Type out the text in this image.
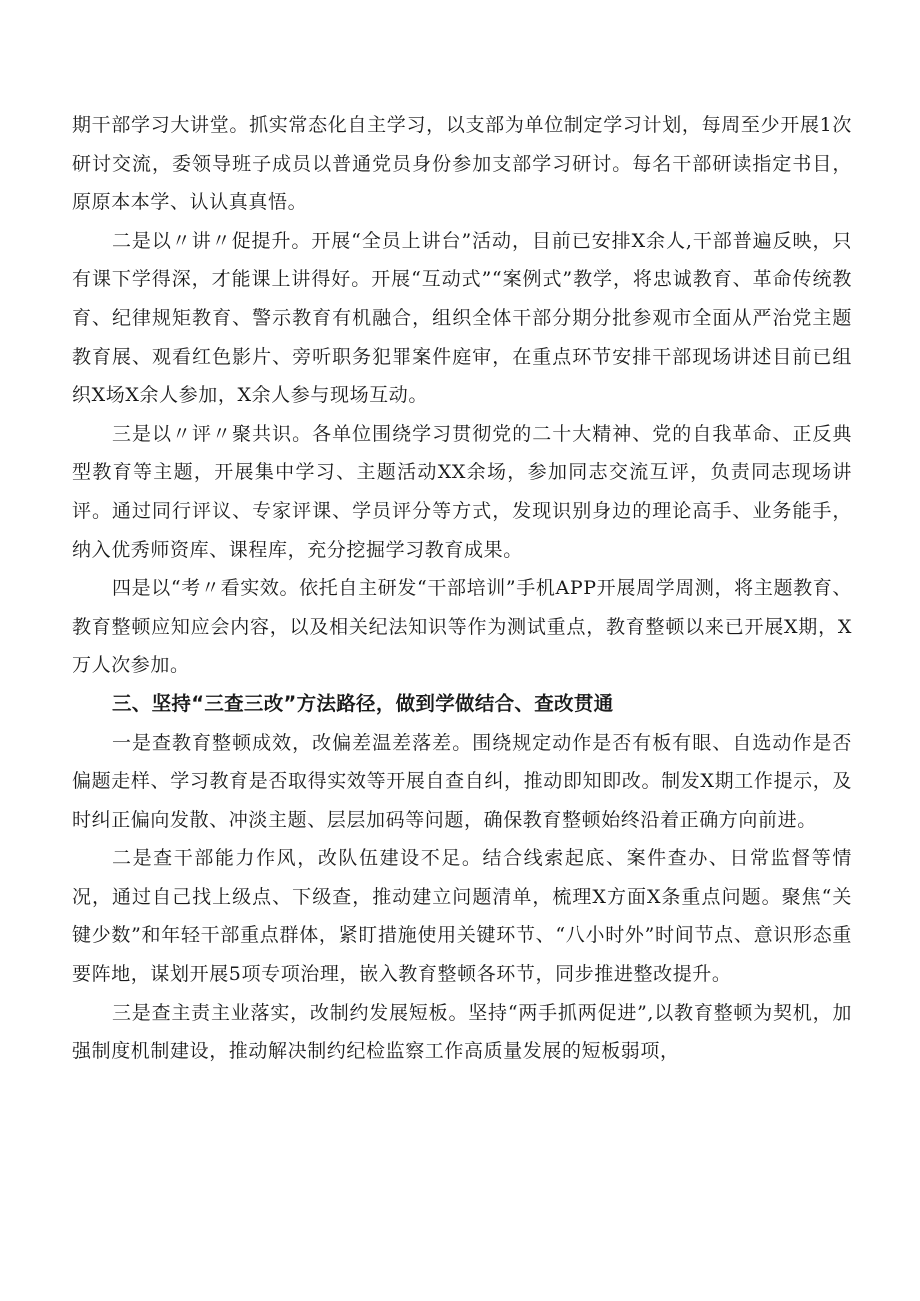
期干部学习大讲堂。抓实常态化自主学习，以支部为单位制定学习计划，每周至少开展1次研讨交流，委领导班子成员以普通党员身份参加支部学习研讨。每名干部研读指定书目，原原本本学、认认真真悟。

二是以〃讲〃促提升。开展“全员上讲台”活动，目前已安排X余人,干部普遍反映，只有课下学得深，才能课上讲得好。开展“互动式”“案例式”教学，将忠诚教育、革命传统教育、纪律规矩教育、警示教育有机融合，组织全体干部分期分批参观市全面从严治党主题教育展、观看红色影片、旁听职务犯罪案件庭审，在重点环节安排干部现场讲述目前已组织X场X余人参加，X余人参与现场互动。

三是以〃评〃聚共识。各单位围绕学习贯彻党的二十大精神、党的自我革命、正反典型教育等主题，开展集中学习、主题活动XX余场，参加同志交流互评，负责同志现场讲评。通过同行评议、专家评课、学员评分等方式，发现识别身边的理论高手、业务能手，纳入优秀师资库、课程库，充分挖掘学习教育成果。

四是以“考〃看实效。依托自主研发“干部培训”手机APP开展周学周测，将主题教育、教育整顿应知应会内容，以及相关纪法知识等作为测试重点，教育整顿以来已开展X期，X万人次参加。

三、坚持“三查三改”方法路径，做到学做结合、查改贯通

一是查教育整顿成效，改偏差温差落差。围绕规定动作是否有板有眼、自选动作是否偏题走样、学习教育是否取得实效等开展自查自纠，推动即知即改。制发X期工作提示，及时纠正偏向发散、冲淡主题、层层加码等问题，确保教育整顿始终沿着正确方向前进。

二是查干部能力作风，改队伍建设不足。结合线索起底、案件查办、日常监督等情况，通过自己找上级点、下级查，推动建立问题清单，梳理X方面X条重点问题。聚焦“关键少数”和年轻干部重点群体，紧盯措施使用关键环节、“八小时外”时间节点、意识形态重要阵地，谋划开展5项专项治理，嵌入教育整顿各环节，同步推进整改提升。

三是查主责主业落实，改制约发展短板。坚持“两手抓两促进”,以教育整顿为契机，加强制度机制建设，推动解决制约纪检监察工作高质量发展的短板弱项，
